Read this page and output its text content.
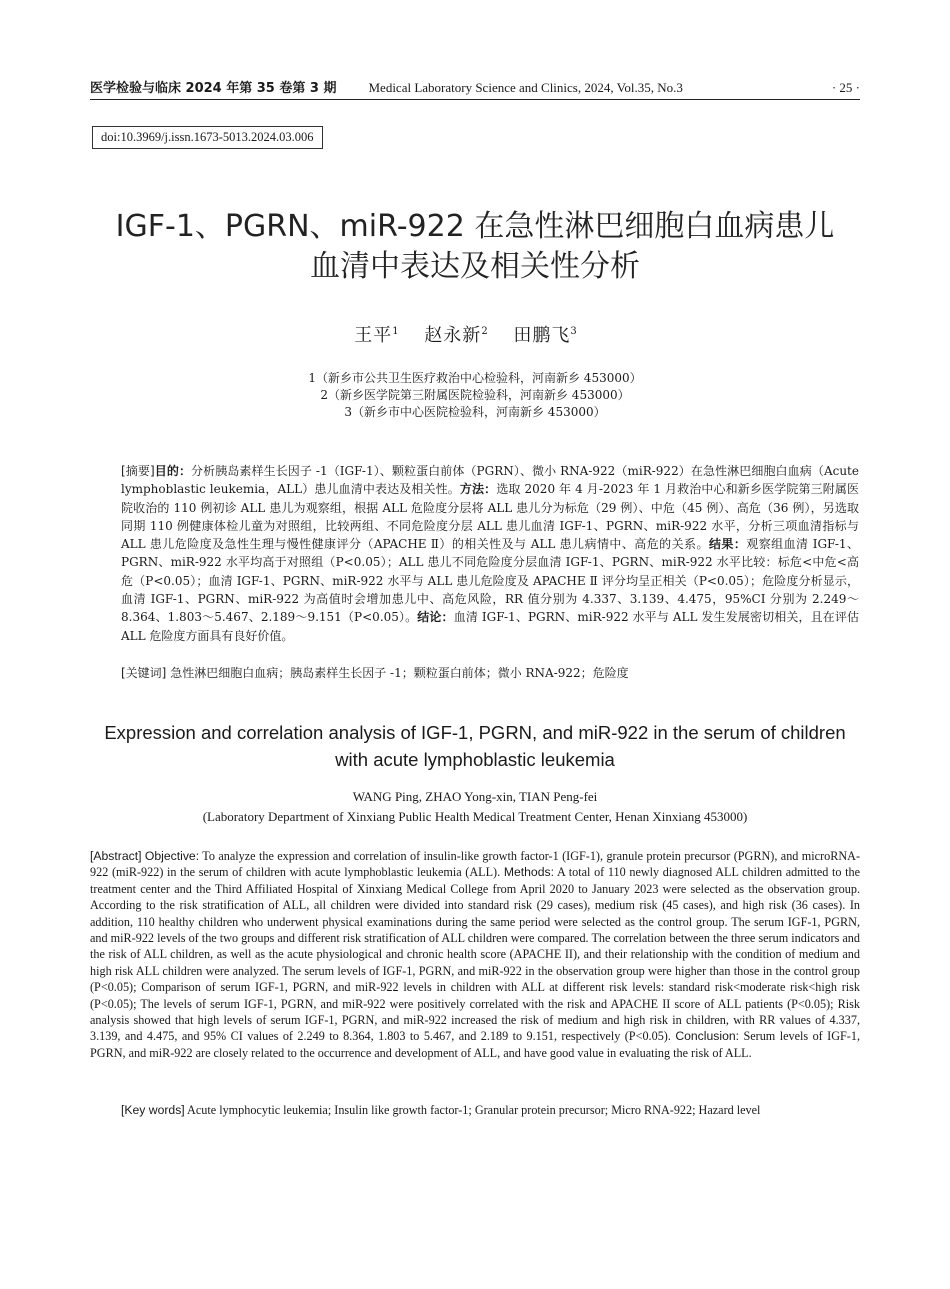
医学检验与临床 2024 年第 35 卷第 3 期 Medical Laboratory Science and Clinics, 2024, Vol.35, No.3	· 25 ·
doi:10.3969/j.issn.1673-5013.2024.03.006
IGF-1、PGRN、miR-922 在急性淋巴细胞白血病患儿
血清中表达及相关性分析
王平$^1$ 赵永新$^2$ 田鹏飞$^3$
1（新乡市公共卫生医疗救治中心检验科，河南新乡 453000）
2（新乡医学院第三附属医院检验科，河南新乡 453000）
3（新乡市中心医院检验科，河南新乡 453000）
[摘要]目的：分析胰岛素样生长因子 -1（IGF-1）、颗粒蛋白前体（PGRN）、微小 RNA-922（miR-922）在急性淋巴细胞白血病（Acute lymphoblastic leukemia，ALL）患儿血清中表达及相关性。方法：选取 2020 年 4 月-2023 年 1 月救治中心和新乡医学院第三附属医院收治的 110 例初诊 ALL 患儿为观察组，根据 ALL 危险度分层将 ALL 患儿分为标危（29 例）、中危（45 例）、高危（36 例），另选取同期 110 例健康体检儿童为对照组，比较两组、不同危险度分层 ALL 患儿血清 IGF-1、PGRN、miR-922 水平，分析三项血清指标与 ALL 患儿危险度及急性生理与慢性健康评分（APACHE Ⅱ）的相关性及与 ALL 患儿病情中、高危的关系。结果：观察组血清 IGF-1、PGRN、miR-922 水平均高于对照组（P<0.05）；ALL 患儿不同危险度分层血清 IGF-1、PGRN、miR-922 水平比较：标危<中危<高危（P<0.05）；血清 IGF-1、PGRN、miR-922 水平与 ALL 患儿危险度及 APACHE Ⅱ 评分均呈正相关（P<0.05）；危险度分析显示，血清 IGF-1、PGRN、miR-922 为高值时会增加患儿中、高危风险，RR 值分别为 4.337、3.139、4.475，95%CI 分别为 2.249～8.364、1.803～5.467、2.189～9.151（P<0.05）。结论：血清 IGF-1、PGRN、miR-922 水平与 ALL 发生发展密切相关，且在评估 ALL 危险度方面具有良好价值。
[关键词] 急性淋巴细胞白血病；胰岛素样生长因子 -1；颗粒蛋白前体；微小 RNA-922；危险度
Expression and correlation analysis of IGF-1, PGRN, and miR-922 in the serum of children
with acute lymphoblastic leukemia
WANG Ping, ZHAO Yong-xin, TIAN Peng-fei
(Laboratory Department of Xinxiang Public Health Medical Treatment Center, Henan Xinxiang 453000)
[Abstract] Objective: To analyze the expression and correlation of insulin-like growth factor-1 (IGF-1), granule protein precursor (PGRN), and microRNA-922 (miR-922) in the serum of children with acute lymphoblastic leukemia (ALL). Methods: A total of 110 newly diagnosed ALL children admitted to the treatment center and the Third Affiliated Hospital of Xinxiang Medical College from April 2020 to January 2023 were selected as the observation group. According to the risk stratification of ALL, all children were divided into standard risk (29 cases), medium risk (45 cases), and high risk (36 cases). In addition, 110 healthy children who underwent physical examinations during the same period were selected as the control group. The serum IGF-1, PGRN, and miR-922 levels of the two groups and different risk stratification of ALL children were compared. The correlation between the three serum indicators and the risk of ALL children, as well as the acute physiological and chronic health score (APACHE II), and their relationship with the condition of medium and high risk ALL children were analyzed. The serum levels of IGF-1, PGRN, and miR-922 in the observation group were higher than those in the control group (P<0.05); Comparison of serum IGF-1, PGRN, and miR-922 levels in children with ALL at different risk levels: standard risk<moderate risk<high risk (P<0.05); The levels of serum IGF-1, PGRN, and miR-922 were positively correlated with the risk and APACHE II score of ALL patients (P<0.05); Risk analysis showed that high levels of serum IGF-1, PGRN, and miR-922 increased the risk of medium and high risk in children, with RR values of 4.337, 3.139, and 4.475, and 95% CI values of 2.249 to 8.364, 1.803 to 5.467, and 2.189 to 9.151, respectively (P<0.05). Conclusion: Serum levels of IGF-1, PGRN, and miR-922 are closely related to the occurrence and development of ALL, and have good value in evaluating the risk of ALL.
[Key words] Acute lymphocytic leukemia; Insulin like growth factor-1; Granular protein precursor; Micro RNA-922; Hazard level
